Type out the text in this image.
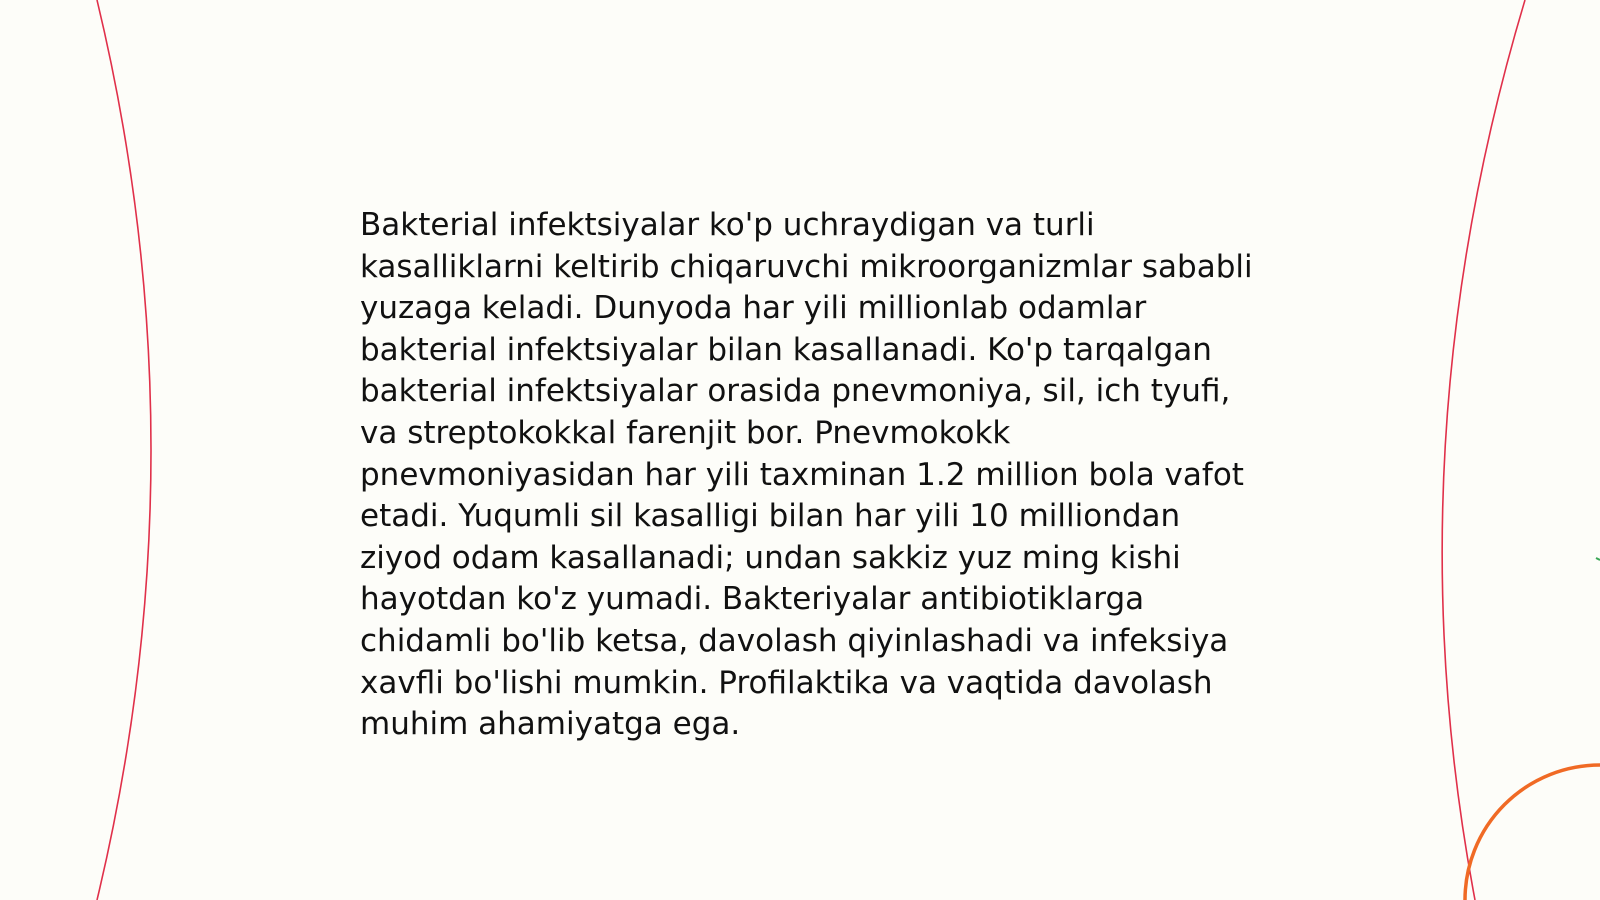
Bakterial infektsiyalar ko'p uchraydigan va turli kasalliklarni keltirib chiqaruvchi mikroorganizmlar sababli yuzaga keladi. Dunyoda har yili millionlab odamlar bakterial infektsiyalar bilan kasallanadi. Ko'p tarqalgan bakterial infektsiyalar orasida pnevmoniya, sil, ich tyufi, va streptokokkal farenjit bor. Pnevmokokk pnevmoniyasidan har yili taxminan 1.2 million bola vafot etadi. Yuqumli sil kasalligi bilan har yili 10 milliondan ziyod odam kasallanadi; undan sakkiz yuz ming kishi hayotdan ko'z yumadi. Bakteriyalar antibiotiklarga chidamli bo'lib ketsa, davolash qiyinlashadi va infeksiya xavfli bo'lishi mumkin. Profilaktika va vaqtida davolash muhim ahamiyatga ega.
